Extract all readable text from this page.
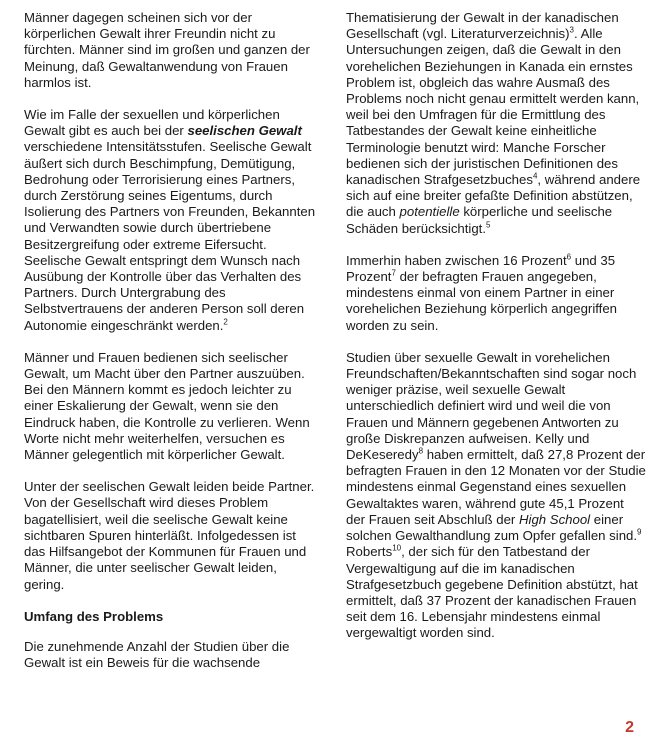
Männer dagegen scheinen sich vor der körperlichen Gewalt ihrer Freundin nicht zu fürchten. Männer sind im großen und ganzen der Meinung, daß Gewaltanwendung von Frauen harmlos ist.

Wie im Falle der sexuellen und körperlichen Gewalt gibt es auch bei der seelischen Gewalt verschiedene Intensitätsstufen. Seelische Gewalt äußert sich durch Beschimpfung, Demütigung, Bedrohung oder Terrorisierung eines Partners, durch Zerstörung seines Eigentums, durch Isolierung des Partners von Freunden, Bekannten und Verwandten sowie durch übertriebene Besitzergreifung oder extreme Eifersucht. Seelische Gewalt entspringt dem Wunsch nach Ausübung der Kontrolle über das Verhalten des Partners. Durch Untergrabung des Selbstvertrauens der anderen Person soll deren Autonomie eingeschränkt werden.$^2$

Männer und Frauen bedienen sich seelischer Gewalt, um Macht über den Partner auszuüben. Bei den Männern kommt es jedoch leichter zu einer Eskalierung der Gewalt, wenn sie den Eindruck haben, die Kontrolle zu verlieren. Wenn Worte nicht mehr weiterhelfen, versuchen es Männer gelegentlich mit körperlicher Gewalt.

Unter der seelischen Gewalt leiden beide Partner. Von der Gesellschaft wird dieses Problem bagatellisiert, weil die seelische Gewalt keine sichtbaren Spuren hinterläßt. Infolgedessen ist das Hilfsangebot der Kommunen für Frauen und Männer, die unter seelischer Gewalt leiden, gering.

Umfang des Problems

Die zunehmende Anzahl der Studien über die Gewalt ist ein Beweis für die wachsende

Thematisierung der Gewalt in der kanadischen Gesellschaft (vgl. Literaturverzeichnis)$^3$. Alle Untersuchungen zeigen, daß die Gewalt in den vorehelichen Beziehungen in Kanada ein ernstes Problem ist, obgleich das wahre Ausmaß des Problems noch nicht genau ermittelt werden kann, weil bei den Umfragen für die Ermittlung des Tatbestandes der Gewalt keine einheitliche Terminologie benutzt wird: Manche Forscher bedienen sich der juristischen Definitionen des kanadischen Strafgesetzbuches$^4$, während andere sich auf eine breiter gefaßte Definition abstützen, die auch potentielle körperliche und seelische Schäden berücksichtigt.$^5$

Immerhin haben zwischen 16 Prozent$^6$ und 35 Prozent$^7$ der befragten Frauen angegeben, mindestens einmal von einem Partner in einer vorehelichen Beziehung körperlich angegriffen worden zu sein.

Studien über sexuelle Gewalt in vorehelichen Freundschaften/Bekanntschaften sind sogar noch weniger präzise, weil sexuelle Gewalt unterschiedlich definiert wird und weil die von Frauen und Männern gegebenen Antworten zu große Diskrepanzen aufweisen. Kelly und DeKeseredy$^8$ haben ermittelt, daß 27,8 Prozent der befragten Frauen in den 12 Monaten vor der Studie mindestens einmal Gegenstand eines sexuellen Gewaltaktes waren, während gute 45,1 Prozent der Frauen seit Abschluß der High School einer solchen Gewalthandlung zum Opfer gefallen sind.$^9$ Roberts$^{10}$, der sich für den Tatbestand der Vergewaltigung auf die im kanadischen Strafgesetzbuch gegebene Definition abstützt, hat ermittelt, daß 37 Prozent der kanadischen Frauen seit dem 16. Lebensjahr mindestens einmal vergewaltigt worden sind.

2
